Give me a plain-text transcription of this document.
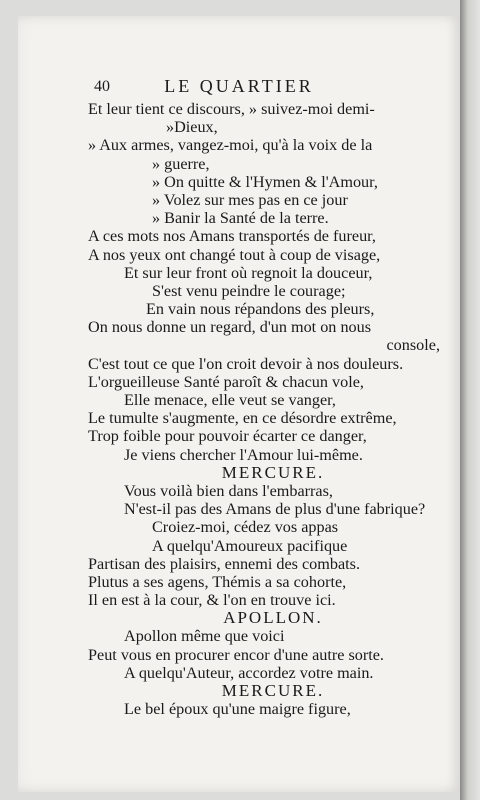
40	LE QUARTIER
Et leur tient ce discours, » suivez-moi demi-
»Dieux,
» Aux armes, vangez-moi, qu'à la voix de la
» guerre,
» On quitte & l'Hymen & l'Amour,
» Volez sur mes pas en ce jour
» Banir la Santé de la terre.
A ces mots nos Amans transportés de fureur,
A nos yeux ont changé tout à coup de visage,
Et sur leur front où regnoit la douceur,
S'est venu peindre le courage;
En vain nous répandons des pleurs,
On nous donne un regard, d'un mot on nous
console,
C'est tout ce que l'on croit devoir à nos douleurs.
L'orgueilleuse Santé paroît & chacun vole,
Elle menace, elle veut se vanger,
Le tumulte s'augmente, en ce désordre extrême,
Trop foible pour pouvoir écarter ce danger,
Je viens chercher l'Amour lui-même.
MERCURE.
Vous voilà bien dans l'embarras,
N'est-il pas des Amans de plus d'une fabrique?
Croiez-moi, cédez vos appas
A quelqu'Amoureux pacifique
Partisan des plaisirs, ennemi des combats.
Plutus a ses agens, Thémis a sa cohorte,
Il en est à la cour, & l'on en trouve ici.
APOLLON.
Apollon même que voici
Peut vous en procurer encor d'une autre sorte.
A quelqu'Auteur, accordez votre main.
MERCURE.
Le bel époux qu'une maigre figure,
